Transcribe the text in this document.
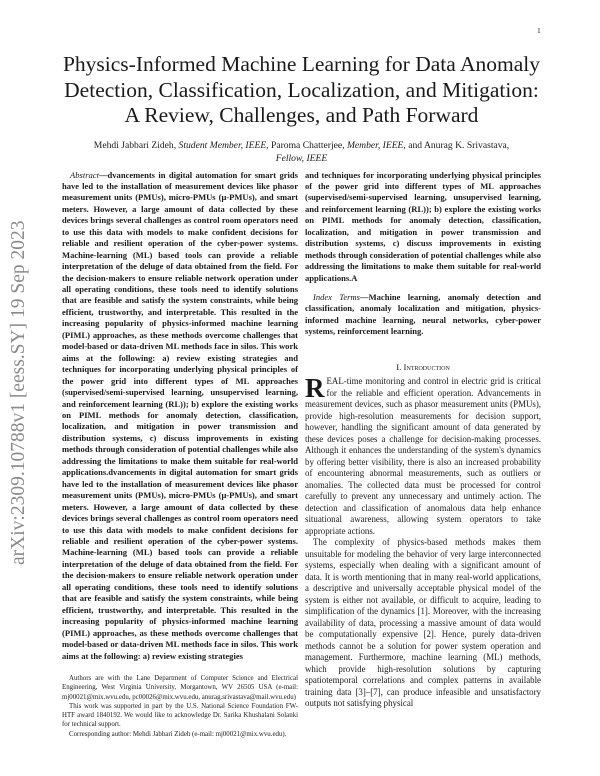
1
arXiv:2309.10788v1 [eess.SY] 19 Sep 2023
Physics-Informed Machine Learning for Data Anomaly Detection, Classification, Localization, and Mitigation: A Review, Challenges, and Path Forward
Mehdi Jabbari Zideh, Student Member, IEEE, Paroma Chatterjee, Member, IEEE, and Anurag K. Srivastava,
Fellow, IEEE

Abstract—dvancements in digital automation for smart grids have led to the installation of measurement devices like phasor measurement units (PMUs), micro-PMUs (μ-PMUs), and smart meters. However, a large amount of data collected by these devices brings several challenges as control room operators need to use this data with models to make confident decisions for reliable and resilient operation of the cyber-power systems. Machine-learning (ML) based tools can provide a reliable interpretation of the deluge of data obtained from the field. For the decision-makers to ensure reliable network operation under all operating conditions, these tools need to identify solutions that are feasible and satisfy the system constraints, while being efficient, trustworthy, and interpretable. This resulted in the increasing popularity of physics-informed machine learning (PIML) approaches, as these methods overcome challenges that model-based or data-driven ML methods face in silos. This work aims at the following: a) review existing strategies and techniques for incorporating underlying physical principles of the power grid into different types of ML approaches (supervised/semi-supervised learning, unsupervised learning, and reinforcement learning (RL)); b) explore the existing works on PIML methods for anomaly detection, classification, localization, and mitigation in power transmission and distribution systems, c) discuss improvements in existing methods through consideration of potential challenges while also addressing the limitations to make them suitable for real-world applications.dvancements in digital automation for smart grids have led to the installation of measurement devices like phasor measurement units (PMUs), micro-PMUs (μ-PMUs), and smart meters. However, a large amount of data collected by these devices brings several challenges as control room operators need to use this data with models to make confident decisions for reliable and resilient operation of the cyber-power systems. Machine-learning (ML) based tools can provide a reliable interpretation of the deluge of data obtained from the field. For the decision-makers to ensure reliable network operation under all operating conditions, these tools need to identify solutions that are feasible and satisfy the system constraints, while being efficient, trustworthy, and interpretable. This resulted in the increasing popularity of physics-informed machine learning (PIML) approaches, as these methods overcome challenges that model-based or data-driven ML methods face in silos. This work aims at the following: a) review existing strategies

Authors are with the Lane Department of Computer Science and Electrical Engineering, West Virginia University, Morgantown, WV 26505 USA (e-mail: mj00021@mix.wvu.edu, pc00026@mix.wvu.edu, anurag.srivastava@mail.wvu.edu)

This work was supported in part by the U.S. National Science Foundation FW-HTF award 1840192. We would like to acknowledge Dr. Sarika Khushalani Solanki for technical support.

Corresponding author: Mehdi Jabbari Zideh (e-mail: mj00021@mix.wvu.edu).

and techniques for incorporating underlying physical principles of the power grid into different types of ML approaches (supervised/semi-supervised learning, unsupervised learning, and reinforcement learning (RL)); b) explore the existing works on PIML methods for anomaly detection, classification, localization, and mitigation in power transmission and distribution systems, c) discuss improvements in existing methods through consideration of potential challenges while also addressing the limitations to make them suitable for real-world applications.A

Index Terms—Machine learning, anomaly detection and classification, anomaly localization and mitigation, physics-informed machine learning, neural networks, cyber-power systems, reinforcement learning.

I. Introduction

REAL-time monitoring and control in electric grid is critical for the reliable and efficient operation. Advancements in measurement devices, such as phasor measurement units (PMUs), provide high-resolution measurements for decision support, however, handling the significant amount of data generated by these devices poses a challenge for decision-making processes. Although it enhances the understanding of the system's dynamics by offering better visibility, there is also an increased probability of encountering abnormal measurements, such as outliers or anomalies. The collected data must be processed for control carefully to prevent any unnecessary and untimely action. The detection and classification of anomalous data help enhance situational awareness, allowing system operators to take appropriate actions.

The complexity of physics-based methods makes them unsuitable for modeling the behavior of very large interconnected systems, especially when dealing with a significant amount of data. It is worth mentioning that in many real-world applications, a descriptive and universally acceptable physical model of the system is either not available, or difficult to acquire, leading to simplification of the dynamics [1]. Moreover, with the increasing availability of data, processing a massive amount of data would be computationally expensive [2]. Hence, purely data-driven methods cannot be a solution for power system operation and management. Furthermore, machine learning (ML) methods, which provide high-resolution solutions by capturing spatiotemporal correlations and complex patterns in available training data [3]–[7], can produce infeasible and unsatisfactory outputs not satisfying physical
